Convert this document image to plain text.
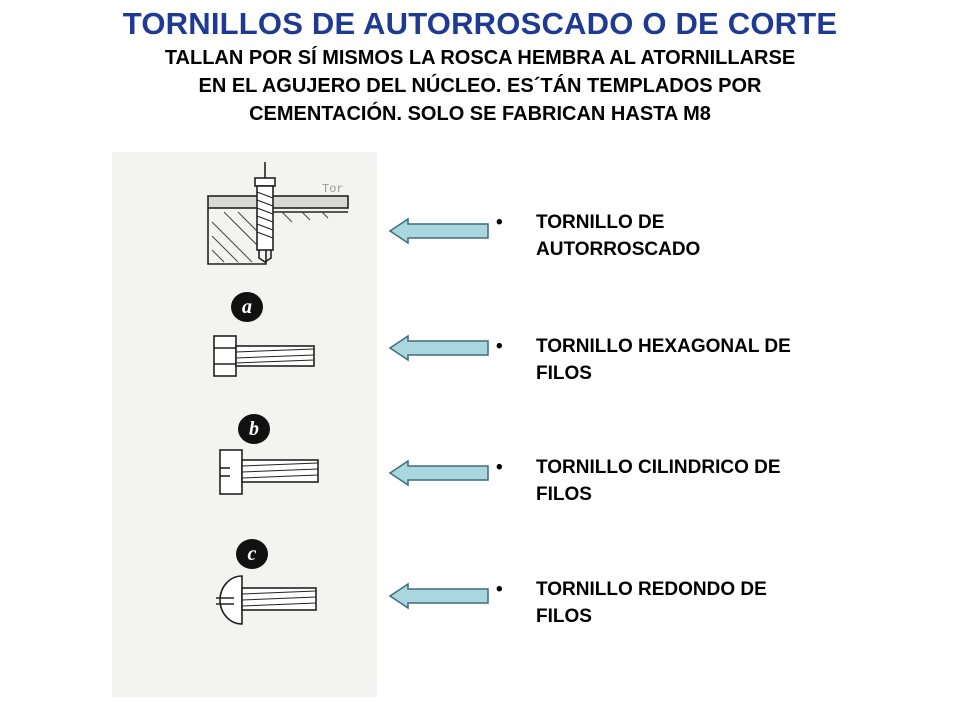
TORNILLOS DE AUTORROSCADO O DE CORTE
TALLAN POR SÍ MISMOS LA ROSCA HEMBRA AL ATORNILLARSE
EN EL AGUJERO DEL NÚCLEO. ES´TÁN TEMPLADOS POR
CEMENTACIÓN. SOLO SE FABRICAN HASTA M8
Tor
a
b
c
•	TORNILLO DE
AUTORROSCADO
•	TORNILLO HEXAGONAL DE
FILOS
•	TORNILLO CILINDRICO DE
FILOS
•	TORNILLO REDONDO DE
FILOS
